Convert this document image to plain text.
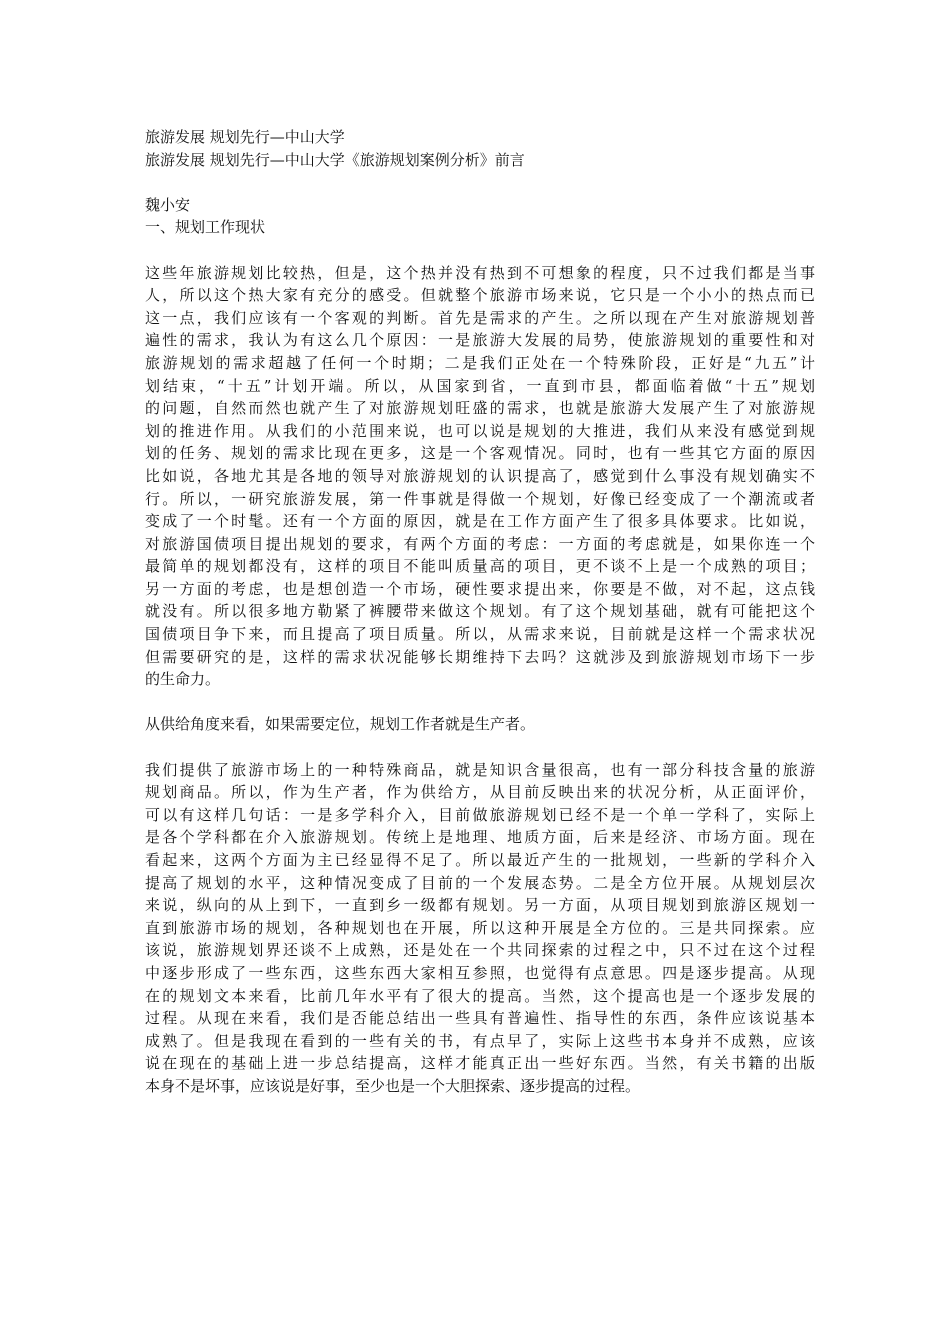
旅游发展 规划先行—中山大学
旅游发展 规划先行—中山大学《旅游规划案例分析》前言
魏小安
一、规划工作现状
这些年旅游规划比较热，但是，这个热并没有热到不可想象的程度，只不过我们都是当事
人，所以这个热大家有充分的感受。但就整个旅游市场来说，它只是一个小小的热点而已
这一点，我们应该有一个客观的判断。首先是需求的产生。之所以现在产生对旅游规划普
遍性的需求，我认为有这么几个原因：一是旅游大发展的局势，使旅游规划的重要性和对
旅游规划的需求超越了任何一个时期；二是我们正处在一个特殊阶段，正好是“九五”计
划结束，“十五”计划开端。所以，从国家到省，一直到市县，都面临着做“十五”规划
的问题，自然而然也就产生了对旅游规划旺盛的需求，也就是旅游大发展产生了对旅游规
划的推进作用。从我们的小范围来说，也可以说是规划的大推进，我们从来没有感觉到规
划的任务、规划的需求比现在更多，这是一个客观情况。同时，也有一些其它方面的原因
比如说，各地尤其是各地的领导对旅游规划的认识提高了，感觉到什么事没有规划确实不
行。所以，一研究旅游发展，第一件事就是得做一个规划，好像已经变成了一个潮流或者
变成了一个时髦。还有一个方面的原因，就是在工作方面产生了很多具体要求。比如说，
对旅游国债项目提出规划的要求，有两个方面的考虑：一方面的考虑就是，如果你连一个
最简单的规划都没有，这样的项目不能叫质量高的项目，更不谈不上是一个成熟的项目；
另一方面的考虑，也是想创造一个市场，硬性要求提出来，你要是不做，对不起，这点钱
就没有。所以很多地方勒紧了裤腰带来做这个规划。有了这个规划基础，就有可能把这个
国债项目争下来，而且提高了项目质量。所以，从需求来说，目前就是这样一个需求状况
但需要研究的是，这样的需求状况能够长期维持下去吗？这就涉及到旅游规划市场下一步
的生命力。
从供给角度来看，如果需要定位，规划工作者就是生产者。
我们提供了旅游市场上的一种特殊商品，就是知识含量很高，也有一部分科技含量的旅游
规划商品。所以，作为生产者，作为供给方，从目前反映出来的状况分析，从正面评价，
可以有这样几句话：一是多学科介入，目前做旅游规划已经不是一个单一学科了，实际上
是各个学科都在介入旅游规划。传统上是地理、地质方面，后来是经济、市场方面。现在
看起来，这两个方面为主已经显得不足了。所以最近产生的一批规划，一些新的学科介入
提高了规划的水平，这种情况变成了目前的一个发展态势。二是全方位开展。从规划层次
来说，纵向的从上到下，一直到乡一级都有规划。另一方面，从项目规划到旅游区规划一
直到旅游市场的规划，各种规划也在开展，所以这种开展是全方位的。三是共同探索。应
该说，旅游规划界还谈不上成熟，还是处在一个共同探索的过程之中，只不过在这个过程
中逐步形成了一些东西，这些东西大家相互参照，也觉得有点意思。四是逐步提高。从现
在的规划文本来看，比前几年水平有了很大的提高。当然，这个提高也是一个逐步发展的
过程。从现在来看，我们是否能总结出一些具有普遍性、指导性的东西，条件应该说基本
成熟了。但是我现在看到的一些有关的书，有点早了，实际上这些书本身并不成熟，应该
说在现在的基础上进一步总结提高，这样才能真正出一些好东西。当然，有关书籍的出版
本身不是坏事，应该说是好事，至少也是一个大胆探索、逐步提高的过程。
